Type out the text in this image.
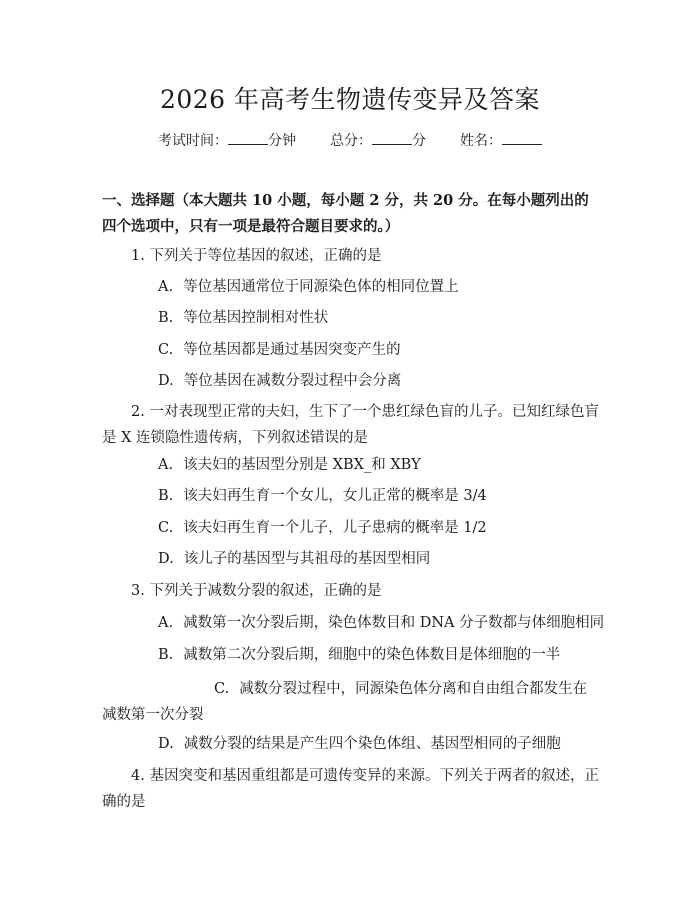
2026 年高考生物遗传变异及答案
考试时间：	分钟 总分：	分 姓名：
一、选择题（本大题共 10 小题，每小题 2 分，共 20 分。在每小题列出的四个选项中，只有一项是最符合题目要求的。）
1. 下列关于等位基因的叙述，正确的是
A. 等位基因通常位于同源染色体的相同位置上
B. 等位基因控制相对性状
C. 等位基因都是通过基因突变产生的
D. 等位基因在减数分裂过程中会分离
2. 一对表现型正常的夫妇，生下了一个患红绿色盲的儿子。已知红绿色盲是 X 连锁隐性遗传病，下列叙述错误的是
A. 该夫妇的基因型分别是 XBX_和 XBY
B. 该夫妇再生育一个女儿，女儿正常的概率是 3/4
C. 该夫妇再生育一个儿子，儿子患病的概率是 1/2
D. 该儿子的基因型与其祖母的基因型相同
3. 下列关于减数分裂的叙述，正确的是
A. 减数第一次分裂后期，染色体数目和 DNA 分子数都与体细胞相同
B. 减数第二次分裂后期，细胞中的染色体数目是体细胞的一半
C. 减数分裂过程中，同源染色体分离和自由组合都发生在减数第一次分裂
D. 减数分裂的结果是产生四个染色体组、基因型相同的子细胞
4. 基因突变和基因重组都是可遗传变异的来源。下列关于两者的叙述，正确的是
